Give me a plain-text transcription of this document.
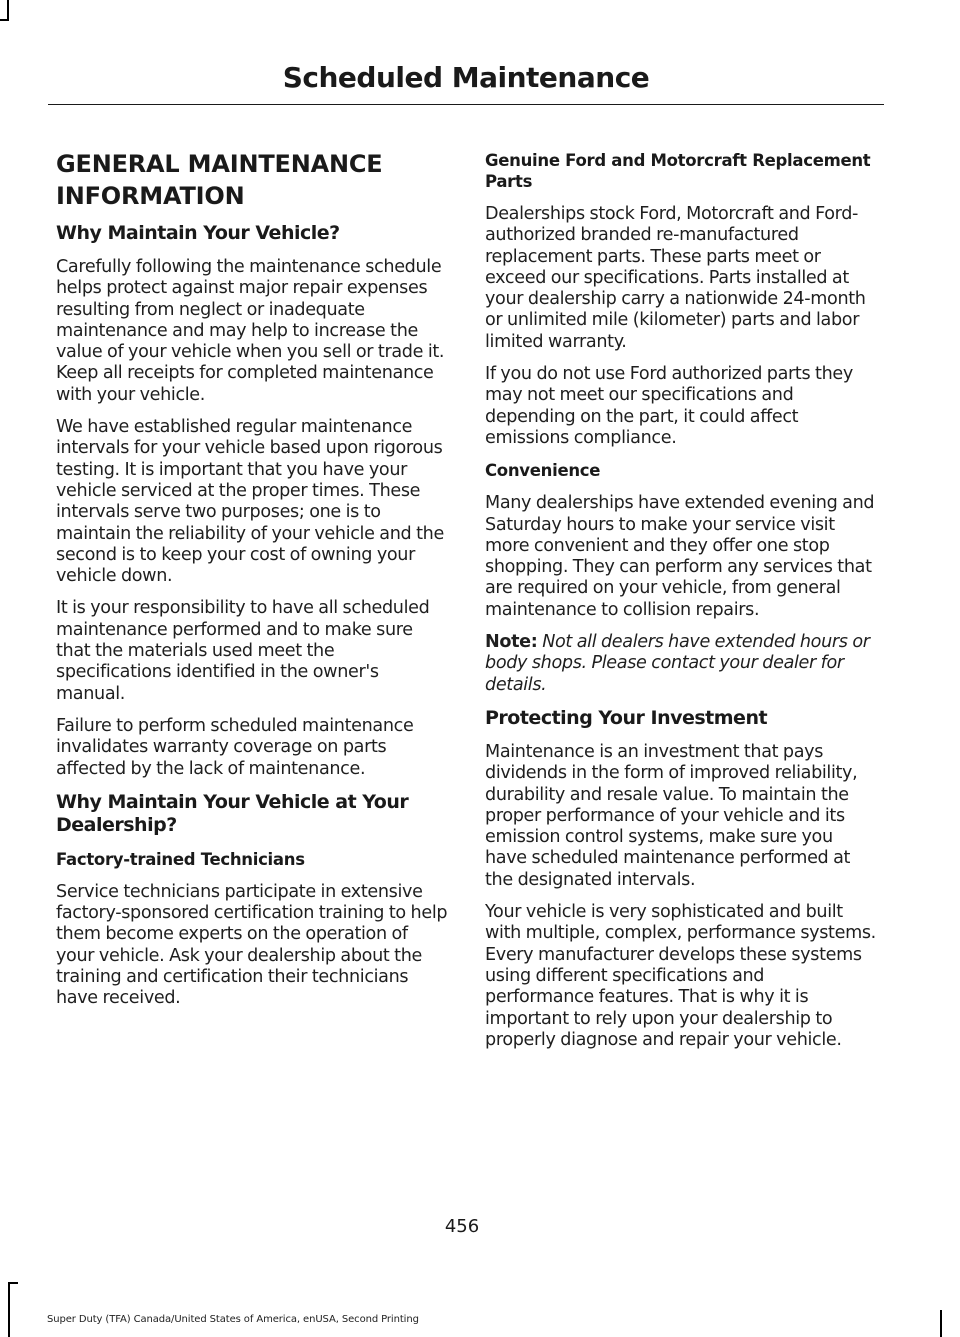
Scheduled Maintenance
GENERAL MAINTENANCE
INFORMATION
Why Maintain Your Vehicle?

Carefully following the maintenance schedule helps protect against major repair expenses resulting from neglect or inadequate maintenance and may help to increase the value of your vehicle when you sell or trade it. Keep all receipts for completed maintenance with your vehicle.

We have established regular maintenance intervals for your vehicle based upon rigorous testing. It is important that you have your vehicle serviced at the proper times. These intervals serve two purposes; one is to maintain the reliability of your vehicle and the second is to keep your cost of owning your vehicle down.

It is your responsibility to have all scheduled maintenance performed and to make sure that the materials used meet the specifications identified in the owner's manual.

Failure to perform scheduled maintenance invalidates warranty coverage on parts affected by the lack of maintenance.

Why Maintain Your Vehicle at Your Dealership?
Factory-trained Technicians

Service technicians participate in extensive factory-sponsored certification training to help them become experts on the operation of your vehicle. Ask your dealership about the training and certification their technicians have received.

Genuine Ford and Motorcraft Replacement Parts

Dealerships stock Ford, Motorcraft and Ford-authorized branded re-manufactured replacement parts. These parts meet or exceed our specifications. Parts installed at your dealership carry a nationwide 24-month or unlimited mile (kilometer) parts and labor limited warranty.

If you do not use Ford authorized parts they may not meet our specifications and depending on the part, it could affect emissions compliance.

Convenience

Many dealerships have extended evening and Saturday hours to make your service visit more convenient and they offer one stop shopping. They can perform any services that are required on your vehicle, from general maintenance to collision repairs.

Note: Not all dealers have extended hours or body shops. Please contact your dealer for details.

Protecting Your Investment

Maintenance is an investment that pays dividends in the form of improved reliability, durability and resale value. To maintain the proper performance of your vehicle and its emission control systems, make sure you have scheduled maintenance performed at the designated intervals.

Your vehicle is very sophisticated and built with multiple, complex, performance systems. Every manufacturer develops these systems using different specifications and performance features. That is why it is important to rely upon your dealership to properly diagnose and repair your vehicle.

456
Super Duty (TFA) Canada/United States of America, enUSA, Second Printing
